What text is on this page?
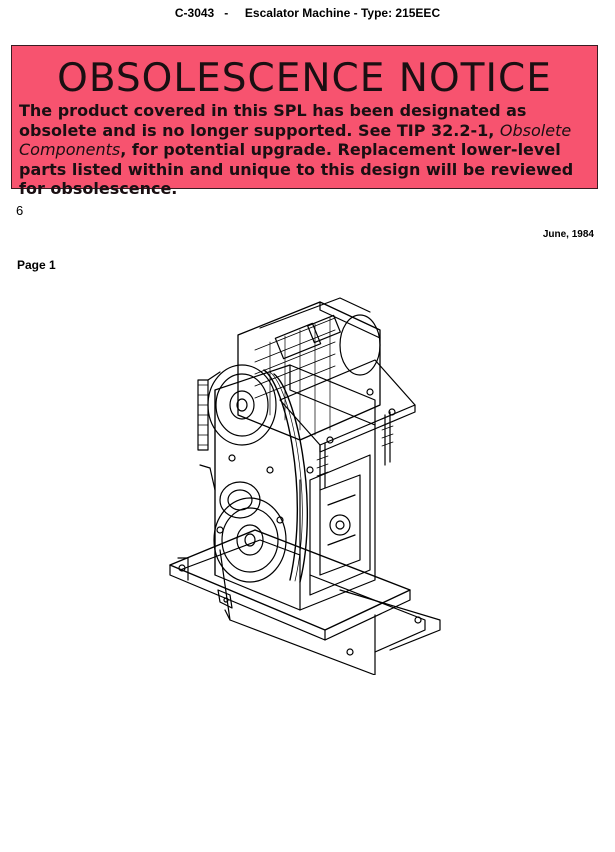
C-3043 - Escalator Machine - Type: 215EEC
OBSOLESCENCE NOTICE
The product covered in this SPL has been designated as obsolete and is no longer supported. See TIP 32.2-1, Obsolete Components, for potential upgrade. Replacement lower-level parts listed within and unique to this design will be reviewed for obsolescence.
6
June, 1984
Page 1
